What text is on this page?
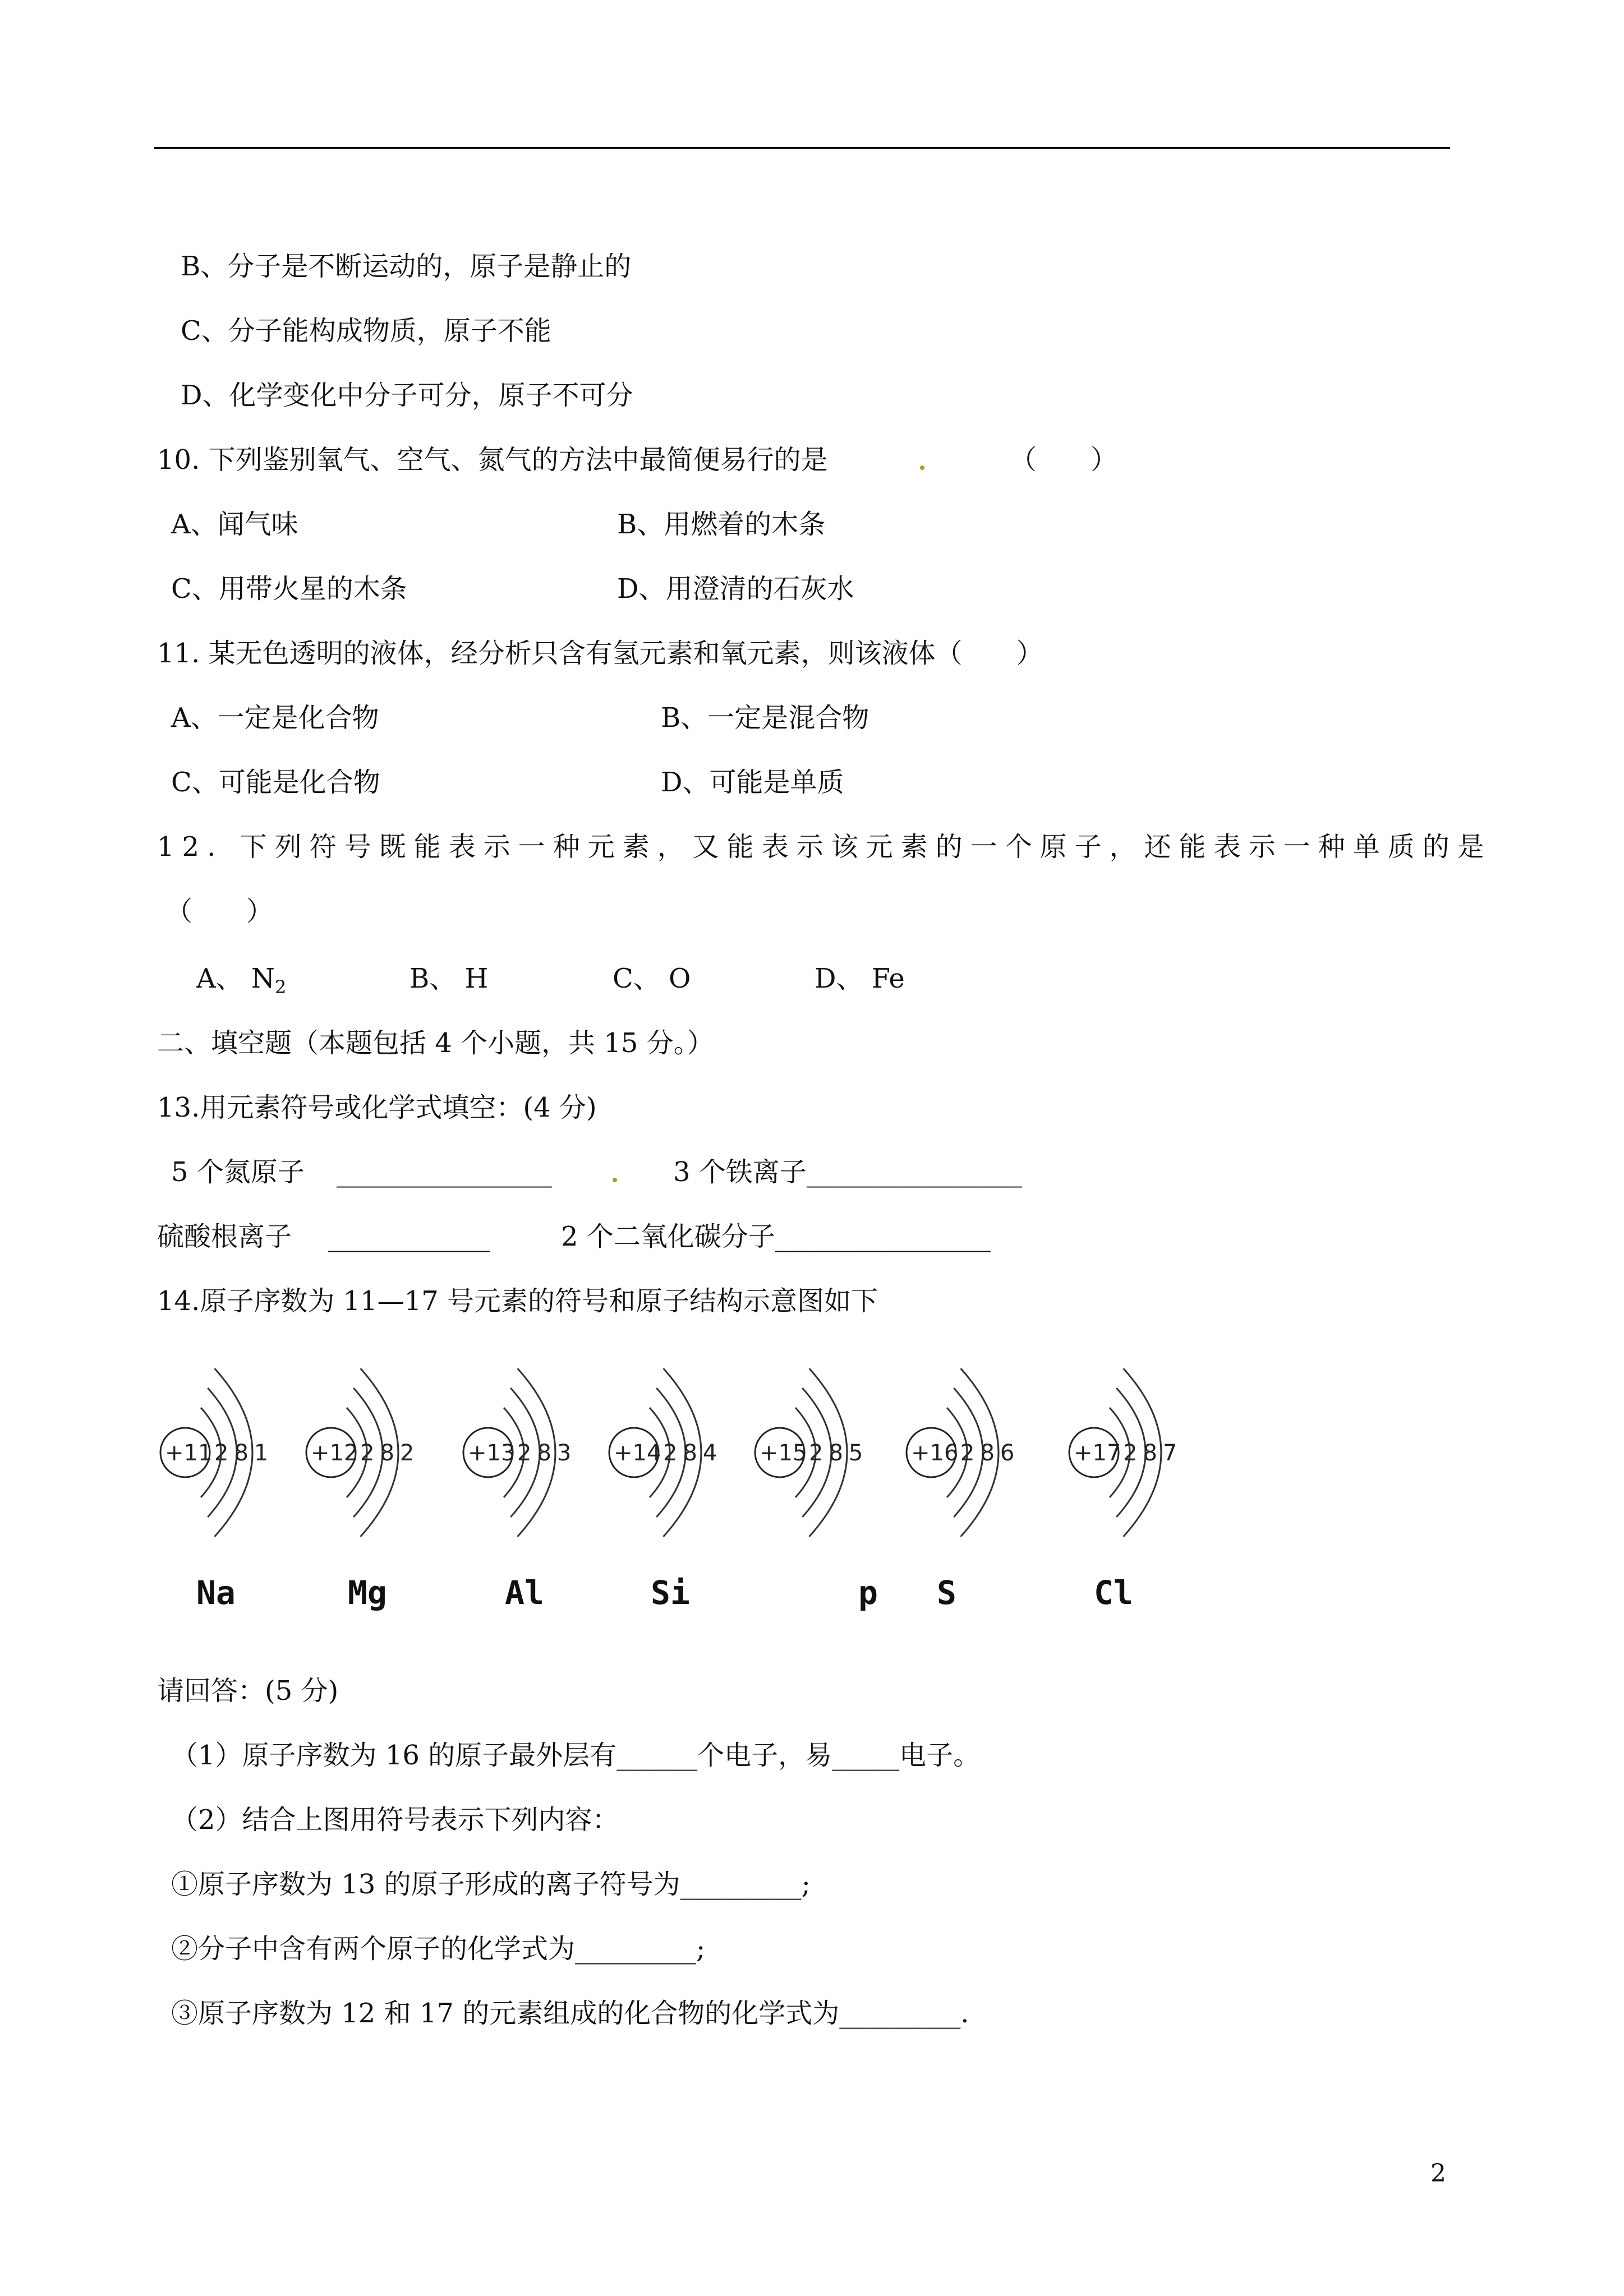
B、分子是不断运动的，原子是静止的
C、分子能构成物质，原子不能
D、化学变化中分子可分，原子不可分
10. 下列鉴别氧气、空气、氮气的方法中最简便易行的是	（　　）
A、闻气味	B、用燃着的木条
C、用带火星的木条	D、用澄清的石灰水
11. 某无色透明的液体，经分析只含有氢元素和氧元素，则该液体（　　）
A、一定是化合物	B、一定是混合物
C、可能是化合物	D、可能是单质
12. 下列符号既能表示一种元素，又能表示该元素的一个原子，还能表示一种单质的是
（　　）
A、 $N_2$	B、 H	C、 O	D、 Fe
二、填空题（本题包括 4 个小题，共 15 分。）
13.用元素符号或化学式填空：(4 分)
5 个氮原子 ________________	3 个铁离子________________
硫酸根离子 ____________	2 个二氧化碳分子________________
14.原子序数为 11—17 号元素的符号和原子结构示意图如下
+11 281
Na
+12 282
Mg
+13 283
Al
+14 284
Si
+15 285
p
+16 286
S
+17 287
Cl
请回答：(5 分)
（1）原子序数为 16 的原子最外层有______个电子，易_____电子。
（2）结合上图用符号表示下列内容：
①原子序数为 13 的原子形成的离子符号为_________;
②分子中含有两个原子的化学式为_________;
③原子序数为 12 和 17 的元素组成的化合物的化学式为_________.
2
